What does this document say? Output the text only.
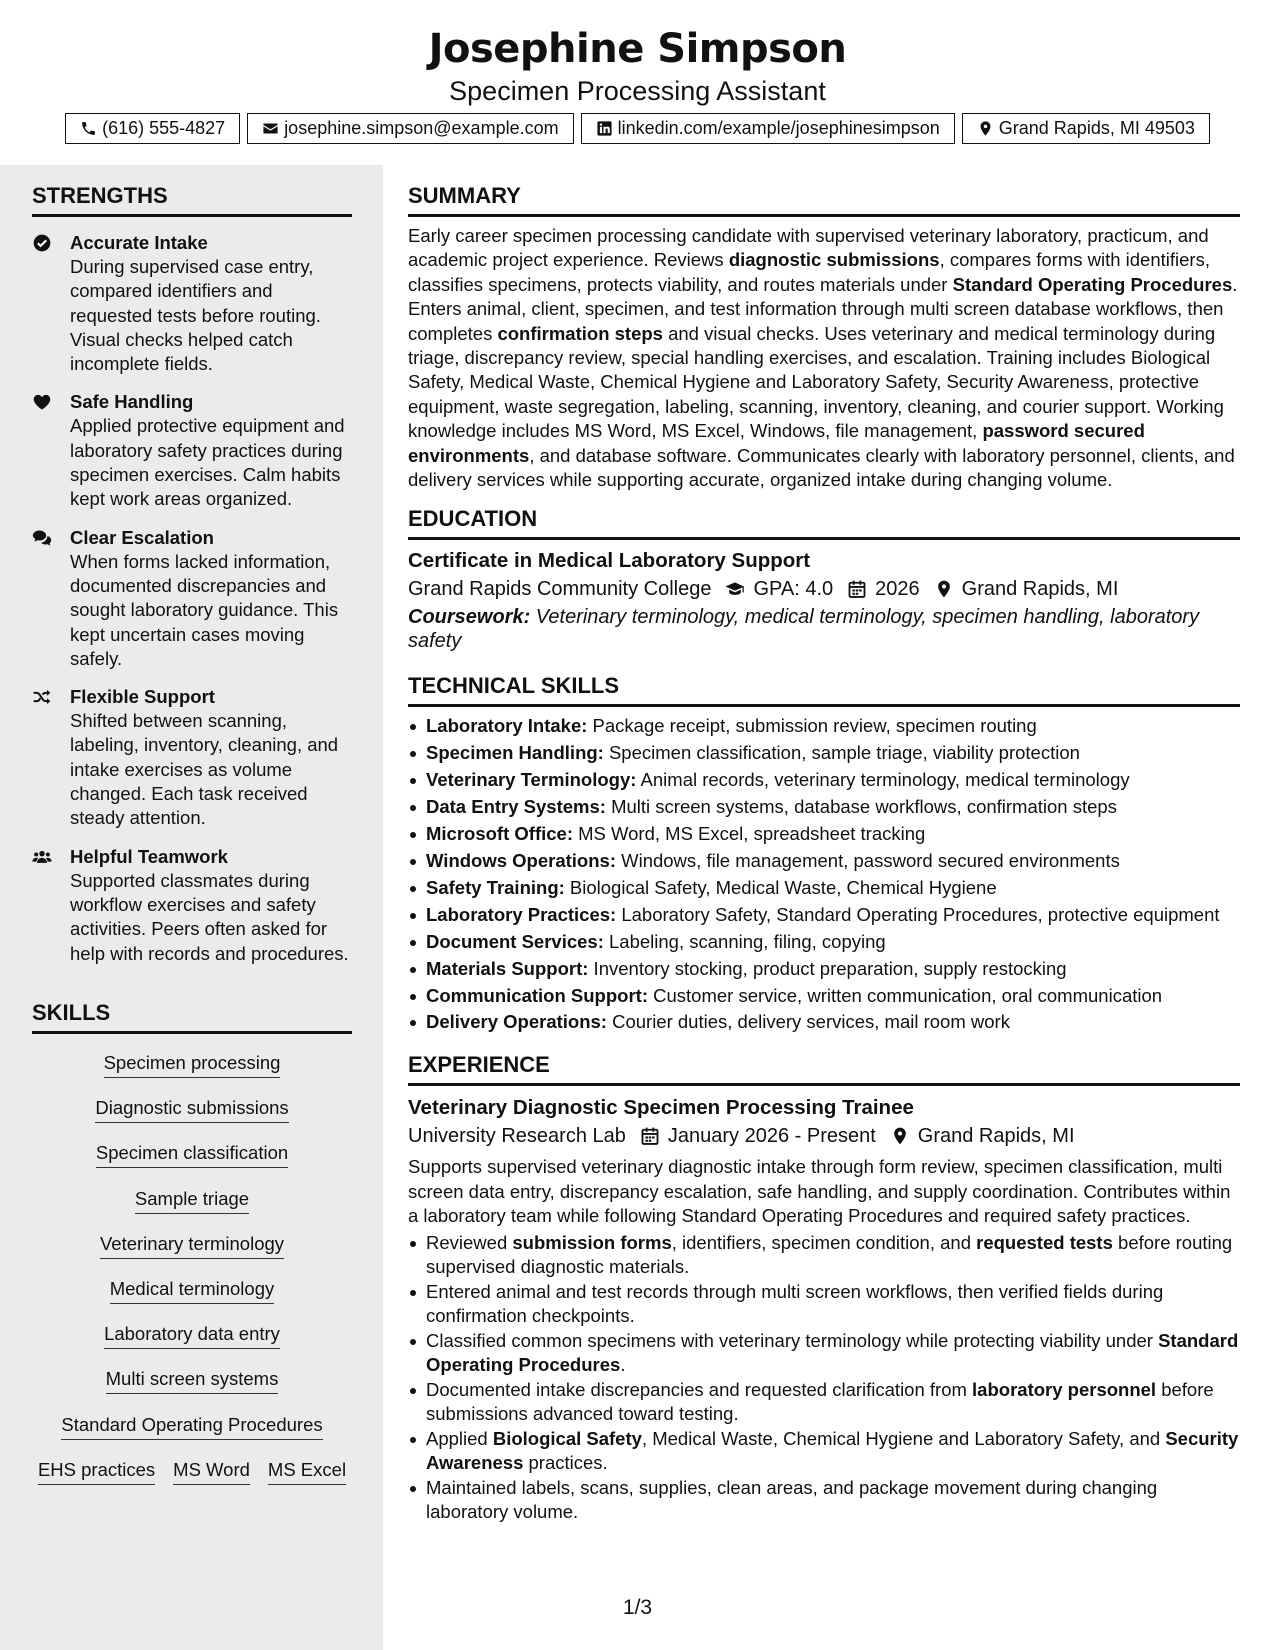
Josephine Simpson
Specimen Processing Assistant
(616) 555-4827	josephine.simpson@example.com	linkedin.com/example/josephinesimpson	Grand Rapids, MI 49503
STRENGTHS
Accurate Intake
During supervised case entry, compared identifiers and requested tests before routing. Visual checks helped catch incomplete fields.
Safe Handling
Applied protective equipment and laboratory safety practices during specimen exercises. Calm habits kept work areas organized.
Clear Escalation
When forms lacked information, documented discrepancies and sought laboratory guidance. This kept uncertain cases moving safely.
Flexible Support
Shifted between scanning, labeling, inventory, cleaning, and intake exercises as volume changed. Each task received steady attention.
Helpful Teamwork
Supported classmates during workflow exercises and safety activities. Peers often asked for help with records and procedures.
SKILLS
Specimen processing
Diagnostic submissions
Specimen classification
Sample triage
Veterinary terminology
Medical terminology
Laboratory data entry
Multi screen systems
Standard Operating Procedures
EHS practices MS Word MS Excel
SUMMARY

Early career specimen processing candidate with supervised veterinary laboratory, practicum, and academic project experience. Reviews diagnostic submissions, compares forms with identifiers, classifies specimens, protects viability, and routes materials under Standard Operating Procedures. Enters animal, client, specimen, and test information through multi screen database workflows, then completes confirmation steps and visual checks. Uses veterinary and medical terminology during triage, discrepancy review, special handling exercises, and escalation. Training includes Biological Safety, Medical Waste, Chemical Hygiene and Laboratory Safety, Security Awareness, protective equipment, waste segregation, labeling, scanning, inventory, cleaning, and courier support. Working knowledge includes MS Word, MS Excel, Windows, file management, password secured environments, and database software. Communicates clearly with laboratory personnel, clients, and delivery services while supporting accurate, organized intake during changing volume.

EDUCATION
Certificate in Medical Laboratory Support
Grand Rapids Community College GPA: 4.0 2026 Grand Rapids, MI
Coursework: Veterinary terminology, medical terminology, specimen handling, laboratory safety
TECHNICAL SKILLS
Laboratory Intake: Package receipt, submission review, specimen routing
Specimen Handling: Specimen classification, sample triage, viability protection
Veterinary Terminology: Animal records, veterinary terminology, medical terminology
Data Entry Systems: Multi screen systems, database workflows, confirmation steps
Microsoft Office: MS Word, MS Excel, spreadsheet tracking
Windows Operations: Windows, file management, password secured environments
Safety Training: Biological Safety, Medical Waste, Chemical Hygiene
Laboratory Practices: Laboratory Safety, Standard Operating Procedures, protective equipment
Document Services: Labeling, scanning, filing, copying
Materials Support: Inventory stocking, product preparation, supply restocking
Communication Support: Customer service, written communication, oral communication
Delivery Operations: Courier duties, delivery services, mail room work
EXPERIENCE
Veterinary Diagnostic Specimen Processing Trainee
University Research Lab January 2026 - Present Grand Rapids, MI

Supports supervised veterinary diagnostic intake through form review, specimen classification, multi screen data entry, discrepancy escalation, safe handling, and supply coordination. Contributes within a laboratory team while following Standard Operating Procedures and required safety practices.

Reviewed submission forms, identifiers, specimen condition, and requested tests before routing supervised diagnostic materials.
Entered animal and test records through multi screen workflows, then verified fields during confirmation checkpoints.
Classified common specimens with veterinary terminology while protecting viability under Standard Operating Procedures.
Documented intake discrepancies and requested clarification from laboratory personnel before submissions advanced toward testing.
Applied Biological Safety, Medical Waste, Chemical Hygiene and Laboratory Safety, and Security Awareness practices.
Maintained labels, scans, supplies, clean areas, and package movement during changing laboratory volume.
1/3
